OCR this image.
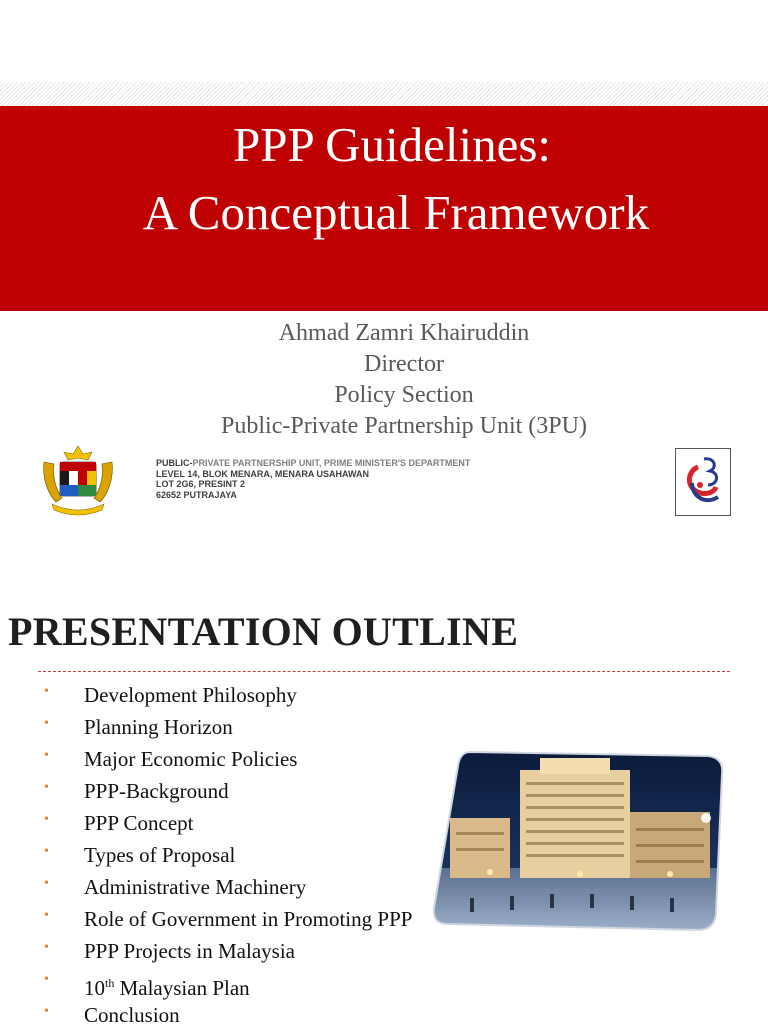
PPP Guidelines:
A Conceptual Framework
Ahmad Zamri Khairuddin
Director
Policy Section
Public-Private Partnership Unit (3PU)
PUBLIC-PRIVATE PARTNERSHIP UNIT, PRIME MINISTER'S DEPARTMENT
LEVEL 14, BLOK MENARA, MENARA USAHAWAN
LOT 2G6, PRESINT 2
62652 PUTRAJAYA
PRESENTATION OUTLINE
• Development Philosophy
• Planning Horizon
• Major Economic Policies
• PPP-Background
• PPP Concept
• Types of Proposal
• Administrative Machinery
• Role of Government in Promoting PPP
• PPP Projects in Malaysia
• 10th Malaysian Plan
• Conclusion
